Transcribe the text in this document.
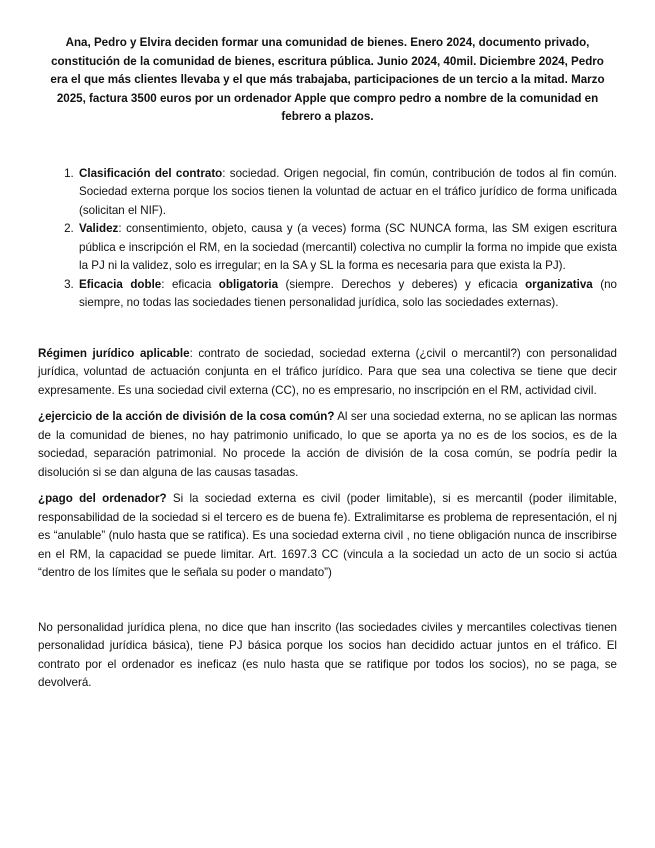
Ana, Pedro y Elvira deciden formar una comunidad de bienes. Enero 2024, documento privado, constitución de la comunidad de bienes, escritura pública. Junio 2024, 40mil. Diciembre 2024, Pedro era el que más clientes llevaba y el que más trabajaba, participaciones de un tercio a la mitad. Marzo 2025, factura 3500 euros por un ordenador Apple que compro pedro a nombre de la comunidad en febrero a plazos.

1. Clasificación del contrato: sociedad. Origen negocial, fin común, contribución de todos al fin común. Sociedad externa porque los socios tienen la voluntad de actuar en el tráfico jurídico de forma unificada (solicitan el NIF).
2. Validez: consentimiento, objeto, causa y (a veces) forma (SC NUNCA forma, las SM exigen escritura pública e inscripción el RM, en la sociedad (mercantil) colectiva no cumplir la forma no impide que exista la PJ ni la validez, solo es irregular; en la SA y SL la forma es necesaria para que exista la PJ).
3. Eficacia doble: eficacia obligatoria (siempre. Derechos y deberes) y eficacia organizativa (no siempre, no todas las sociedades tienen personalidad jurídica, solo las sociedades externas).

Régimen jurídico aplicable: contrato de sociedad, sociedad externa (¿civil o mercantil?) con personalidad jurídica, voluntad de actuación conjunta en el tráfico jurídico. Para que sea una colectiva se tiene que decir expresamente. Es una sociedad civil externa (CC), no es empresario, no inscripción en el RM, actividad civil.

¿ejercicio de la acción de división de la cosa común? Al ser una sociedad externa, no se aplican las normas de la comunidad de bienes, no hay patrimonio unificado, lo que se aporta ya no es de los socios, es de la sociedad, separación patrimonial. No procede la acción de división de la cosa común, se podría pedir la disolución si se dan alguna de las causas tasadas.

¿pago del ordenador? Si la sociedad externa es civil (poder limitable), si es mercantil (poder ilimitable, responsabilidad de la sociedad si el tercero es de buena fe). Extralimitarse es problema de representación, el nj es “anulable” (nulo hasta que se ratifica). Es una sociedad externa civil , no tiene obligación nunca de inscribirse en el RM, la capacidad se puede limitar. Art. 1697.3 CC (vincula a la sociedad un acto de un socio si actúa “dentro de los límites que le señala su poder o mandato”)

No personalidad jurídica plena, no dice que han inscrito (las sociedades civiles y mercantiles colectivas tienen personalidad jurídica básica), tiene PJ básica porque los socios han decidido actuar juntos en el tráfico. El contrato por el ordenador es ineficaz (es nulo hasta que se ratifique por todos los socios), no se paga, se devolverá.
